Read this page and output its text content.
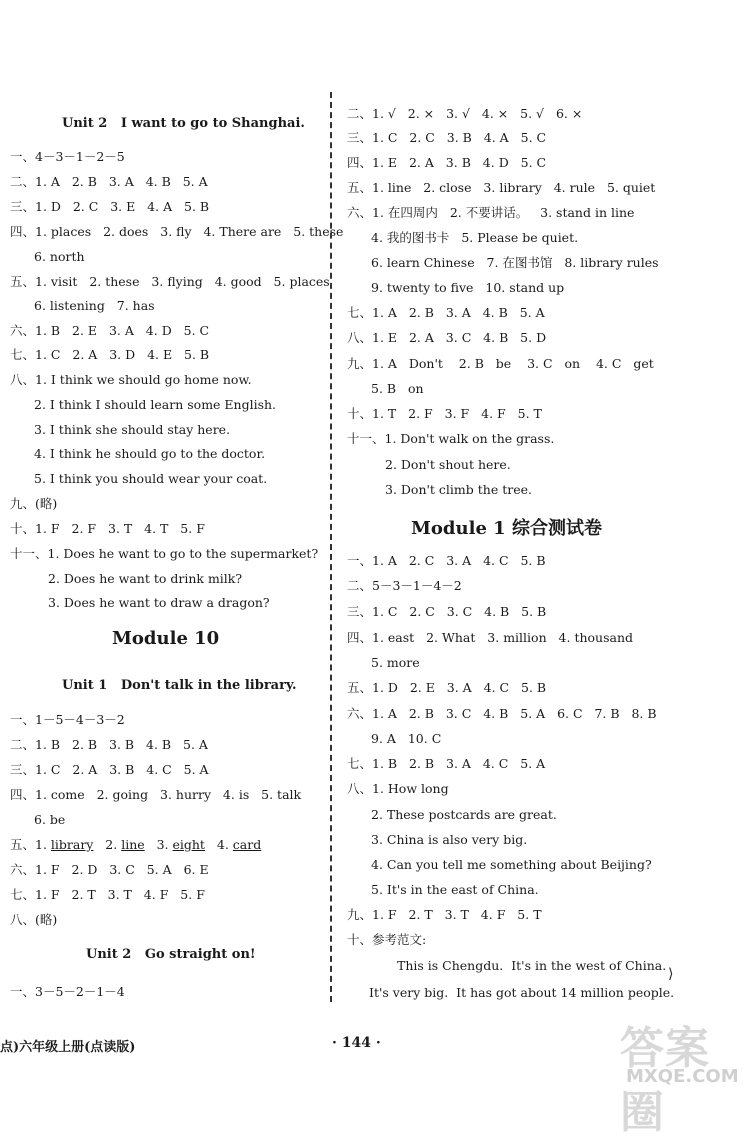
Unit 2   I want to go to Shanghai.
一、4－3－1－2－5
二、1. A   2. B   3. A   4. B   5. A
三、1. D   2. C   3. E   4. A   5. B
四、1. places   2. does   3. fly   4. There are   5. these
6. north
五、1. visit   2. these   3. flying   4. good   5. places
6. listening   7. has
六、1. B   2. E   3. A   4. D   5. C
七、1. C   2. A   3. D   4. E   5. B
八、1. I think we should go home now.
2. I think I should learn some English.
3. I think she should stay here.
4. I think he should go to the doctor.
5. I think you should wear your coat.
九、(略)
十、1. F   2. F   3. T   4. T   5. F
十一、1. Does he want to go to the supermarket?
2. Does he want to drink milk?
3. Does he want to draw a dragon?
Module 10
Unit 1   Don't talk in the library.
一、1－5－4－3－2
二、1. B   2. B   3. B   4. B   5. A
三、1. C   2. A   3. B   4. C   5. A
四、1. come   2. going   3. hurry   4. is   5. talk
6. be
五、1. library   2. line   3. eight   4. card
六、1. F   2. D   3. C   5. A   6. E
七、1. F   2. T   3. T   4. F   5. F
八、(略)
Unit 2   Go straight on!
一、3－5－2－1－4
二、1. √   2. ×   3. √   4. ×   5. √   6. ×
三、1. C   2. C   3. B   4. A   5. C
四、1. E   2. A   3. B   4. D   5. C
五、1. line   2. close   3. library   4. rule   5. quiet
六、1. 在四周内   2. 不要讲话。   3. stand in line
4. 我的图书卡   5. Please be quiet.
6. learn Chinese   7. 在图书馆   8. library rules
9. twenty to five   10. stand up
七、1. A   2. B   3. A   4. B   5. A
八、1. E   2. A   3. C   4. B   5. D
九、1. A   Don't    2. B   be    3. C   on    4. C   get
5. B   on
十、1. T   2. F   3. F   4. F   5. T
十一、1. Don't walk on the grass.
2. Don't shout here.
3. Don't climb the tree.
Module 1 综合测试卷
一、1. A   2. C   3. A   4. C   5. B
二、5－3－1－4－2
三、1. C   2. C   3. C   4. B   5. B
四、1. east   2. What   3. million   4. thousand
5. more
五、1. D   2. E   3. A   4. C   5. B
六、1. A   2. B   3. C   4. B   5. A   6. C   7. B   8. B
9. A   10. C
七、1. B   2. B   3. A   4. C   5. A
八、1. How long
2. These postcards are great.
3. China is also very big.
4. Can you tell me something about Beijing?
5. It's in the east of China.
九、1. F   2. T   3. T   4. F   5. T
十、参考范文:
This is Chengdu.  It's in the west of China.
It's very big.  It has got about 14 million people.
⟩
点)六年级上册(点读版)	· 144 ·	答案圈
MXQE.COM
